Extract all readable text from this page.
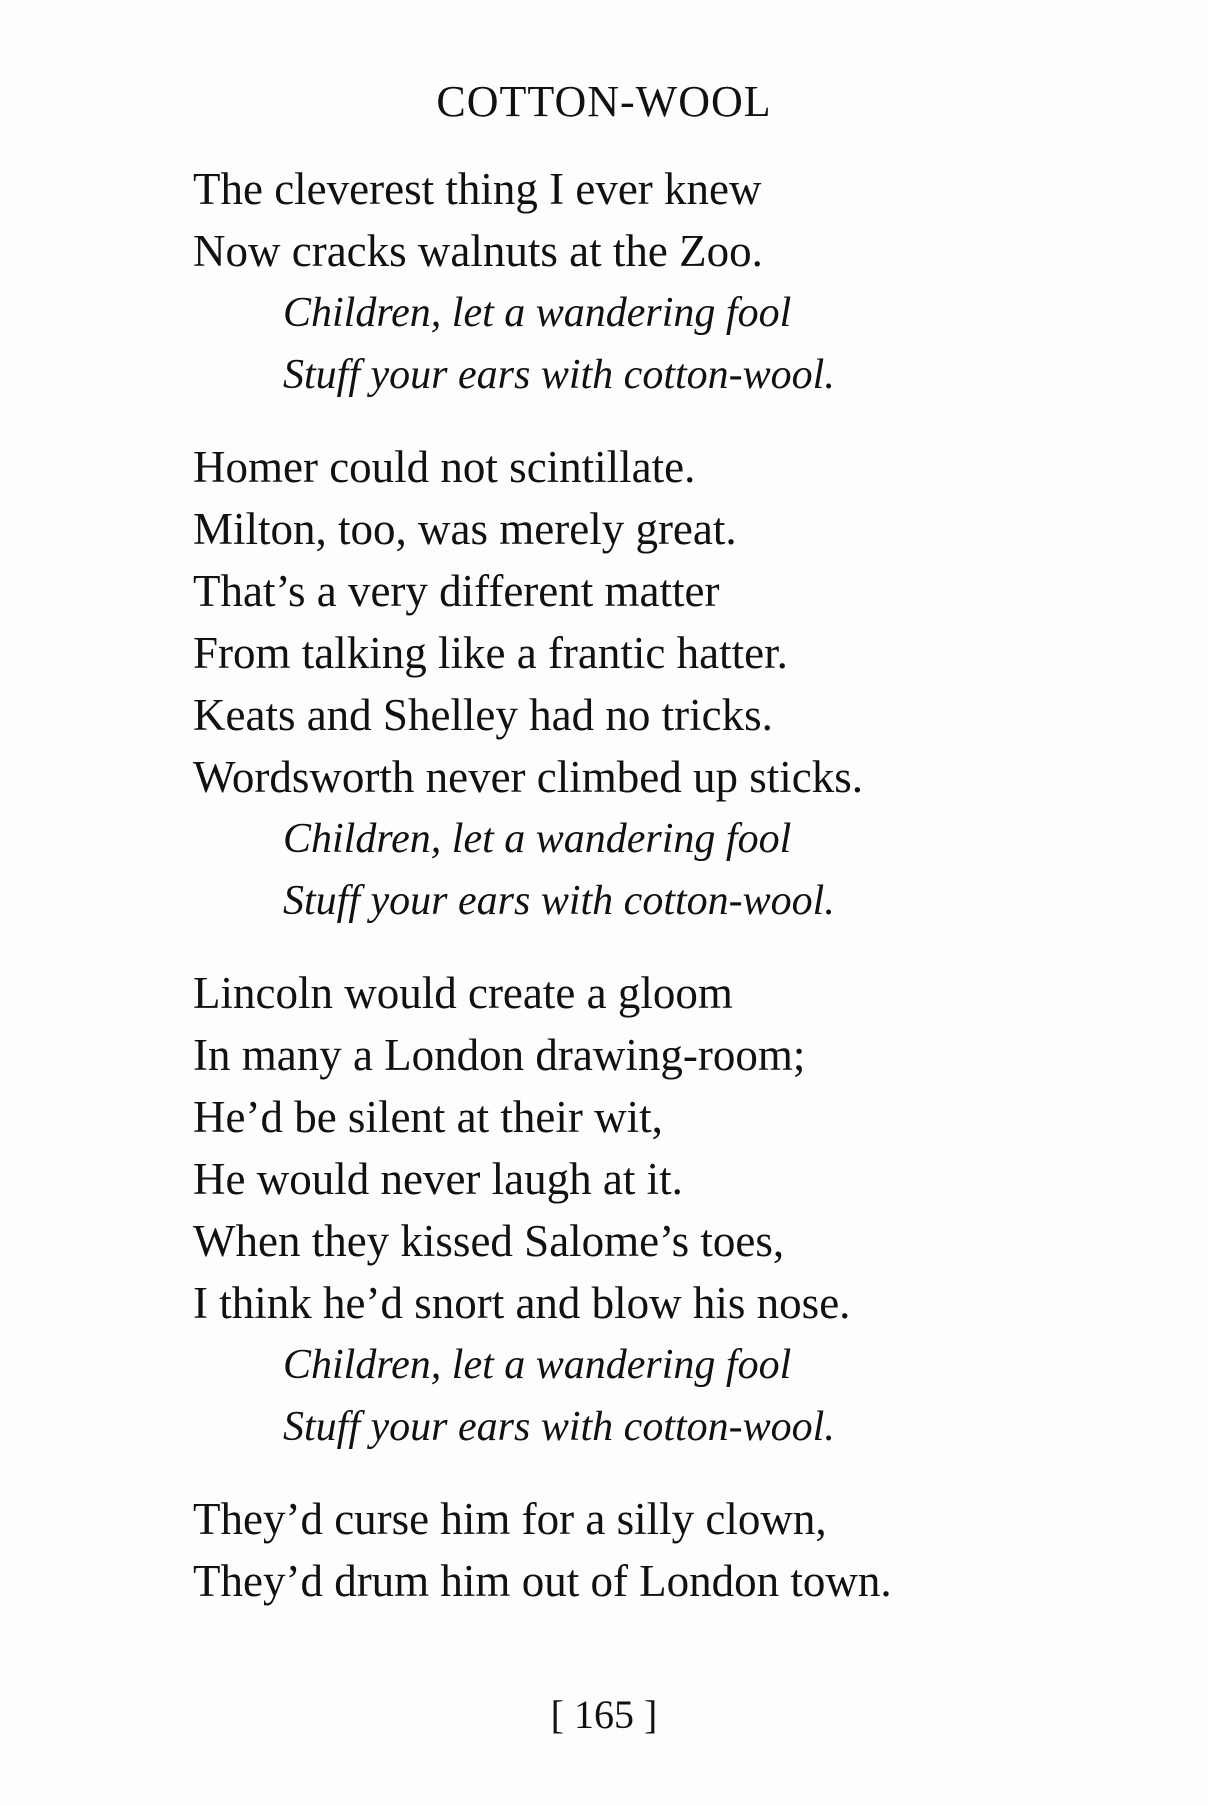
COTTON-WOOL
The cleverest thing I ever knew
Now cracks walnuts at the Zoo.
Children, let a wandering fool
Stuff your ears with cotton-wool.
Homer could not scintillate.
Milton, too, was merely great.
That’s a very different matter
From talking like a frantic hatter.
Keats and Shelley had no tricks.
Wordsworth never climbed up sticks.
Children, let a wandering fool
Stuff your ears with cotton-wool.
Lincoln would create a gloom
In many a London drawing-room;
He’d be silent at their wit,
He would never laugh at it.
When they kissed Salome’s toes,
I think he’d snort and blow his nose.
Children, let a wandering fool
Stuff your ears with cotton-wool.
They’d curse him for a silly clown,
They’d drum him out of London town.
[ 165 ]
